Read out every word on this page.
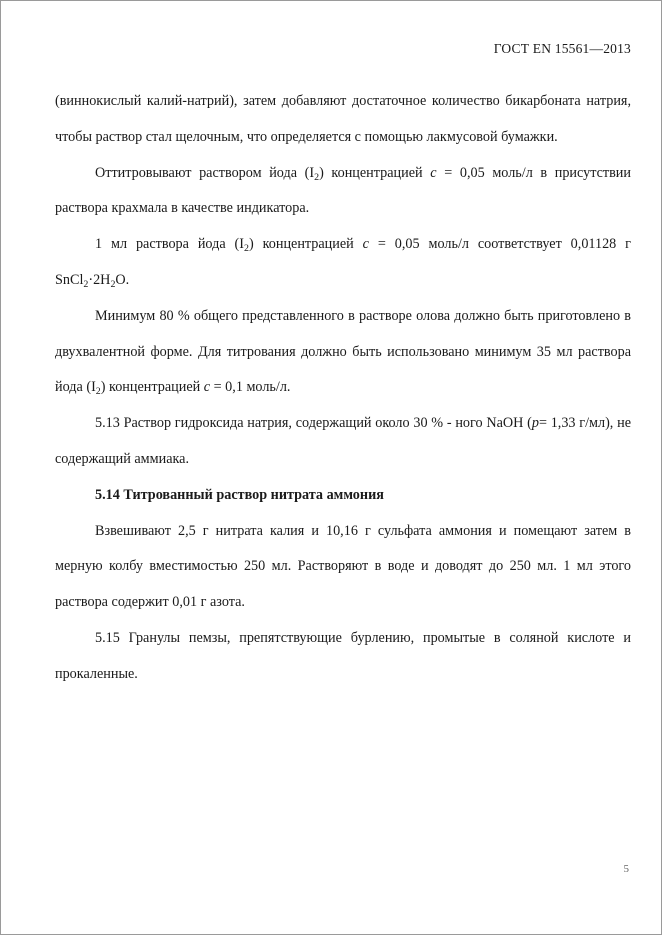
ГОСТ EN 15561—2013

(виннокислый калий-натрий), затем добавляют достаточное количество бикарбоната натрия, чтобы раствор стал щелочным, что определяется с помощью лакмусовой бумажки.

Оттитровывают раствором йода $(I_2)$ концентрацией c = 0,05 моль/л в присутствии раствора крахмала в качестве индикатора.

1 мл раствора йода $(I_2)$ концентрацией c = 0,05 моль/л соответствует 0,01128 г $SnCl_2\cdot 2H_2O$.

Минимум 80 % общего представленного в растворе олова должно быть приготовлено в двухвалентной форме. Для титрования должно быть использовано минимум 35 мл раствора йода $(I_2)$ концентрацией c = 0,1 моль/л.

5.13 Раствор гидроксида натрия, содержащий около 30 % - ного NaOH (p= 1,33 г/мл), не содержащий аммиака.

5.14 Титрованный раствор нитрата аммония

Взвешивают 2,5 г нитрата калия и 10,16 г сульфата аммония и помещают затем в мерную колбу вместимостью 250 мл. Растворяют в воде и доводят до 250 мл. 1 мл этого раствора содержит 0,01 г азота.

5.15 Гранулы пемзы, препятствующие бурлению, промытые в соляной кислоте и прокаленные.

5
